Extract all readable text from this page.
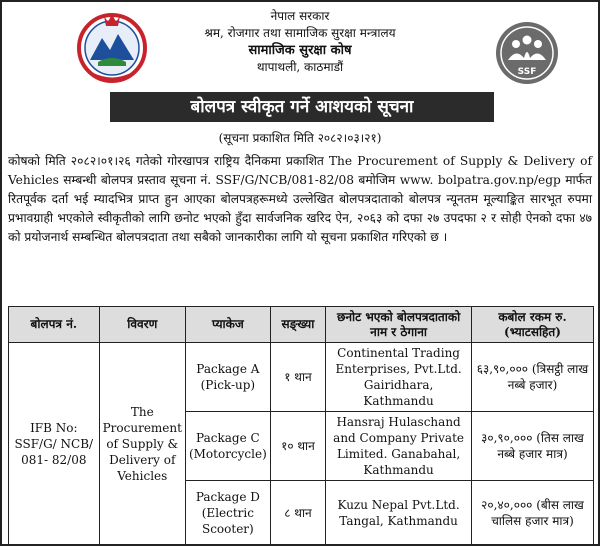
नेपाल सरकार
श्रम, रोजगार तथा सामाजिक सुरक्षा मन्त्रालय
सामाजिक सुरक्षा कोष
थापाथली, काठमाडौं	SSF
बोलपत्र स्वीकृत गर्ने आशयको सूचना
(सूचना प्रकाशित मिति २०८२।०३।२१)

कोषको मिति २०८२।०१।२६ गतेको गोरखापत्र राष्ट्रिय दैनिकमा प्रकाशित The Procurement of Supply & Delivery of Vehicles सम्बन्धी बोलपत्र प्रस्ताव सूचना नं. SSF/G/NCB/081-82/08 बमोजिम www. bolpatra.gov.np/egp मार्फत रितपूर्वक दर्ता भई म्यादभित्र प्राप्त हुन आएका बोलपत्रहरूमध्ये उल्लेखित बोलपत्रदाताको बोलपत्र न्यूनतम मूल्याङ्कित सारभूत रुपमा प्रभावग्राही भएकोले स्वीकृतीको लागि छनोट भएको हुँदा सार्वजनिक खरिद ऐन, २०६३ को दफा २७ उपदफा २ र सोही ऐनको दफा ४७ को प्रयोजनार्थ सम्बन्धित बोलपत्रदाता तथा सबैको जानकारीका लागि यो सूचना प्रकाशित गरिएको छ ।

बोलपत्र नं.	विवरण	प्याकेज	सङ्ख्या	छनोट भएको बोलपत्रदाताको नाम र ठेगाना	कबोल रकम रु. (भ्याटसहित)
IFB No: SSF/G/ NCB/ 081- 82/08	The Procurement of Supply & Delivery of Vehicles	Package A (Pick-up)	१ थान	Continental Trading Enterprises, Pvt.Ltd. Gairidhara, Kathmandu	६३,९०,००० (त्रिसट्ठी लाख नब्बे हजार)
		Package C (Motorcycle)	१० थान	Hansraj Hulaschand and Company Private Limited. Ganabahal, Kathmandu	३०,९०,००० (तिस लाख नब्बे हजार मात्र)
		Package D (Electric Scooter)	८ थान	Kuzu Nepal Pvt.Ltd. Tangal, Kathmandu	२०,४०,००० (बीस लाख चालिस हजार मात्र)
